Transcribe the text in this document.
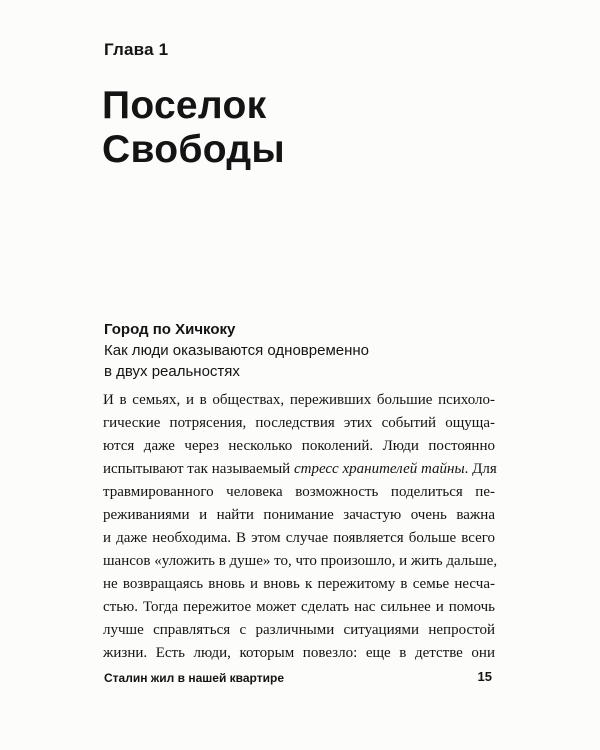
Глава 1
Поселок
Свободы
Город по Хичкоку
Как люди оказываются одновременно
в двух реальностях
И в семьях, и в обществах, переживших большие психоло-
гические потрясения, последствия этих событий ощуща-
ются даже через несколько поколений. Люди постоянно
испытывают так называемый стресс хранителей тайны. Для
травмированного человека возможность поделиться пе-
реживаниями и найти понимание зачастую очень важна
и даже необходима. В этом случае появляется больше всего
шансов «уложить в душе» то, что произошло, и жить дальше,
не возвращаясь вновь и вновь к пережитому в семье несча-
стью. Тогда пережитое может сделать нас сильнее и помочь
лучше справляться с различными ситуациями непростой
жизни. Есть люди, которым повезло: еще в детстве они
Сталин жил в нашей квартире	15
